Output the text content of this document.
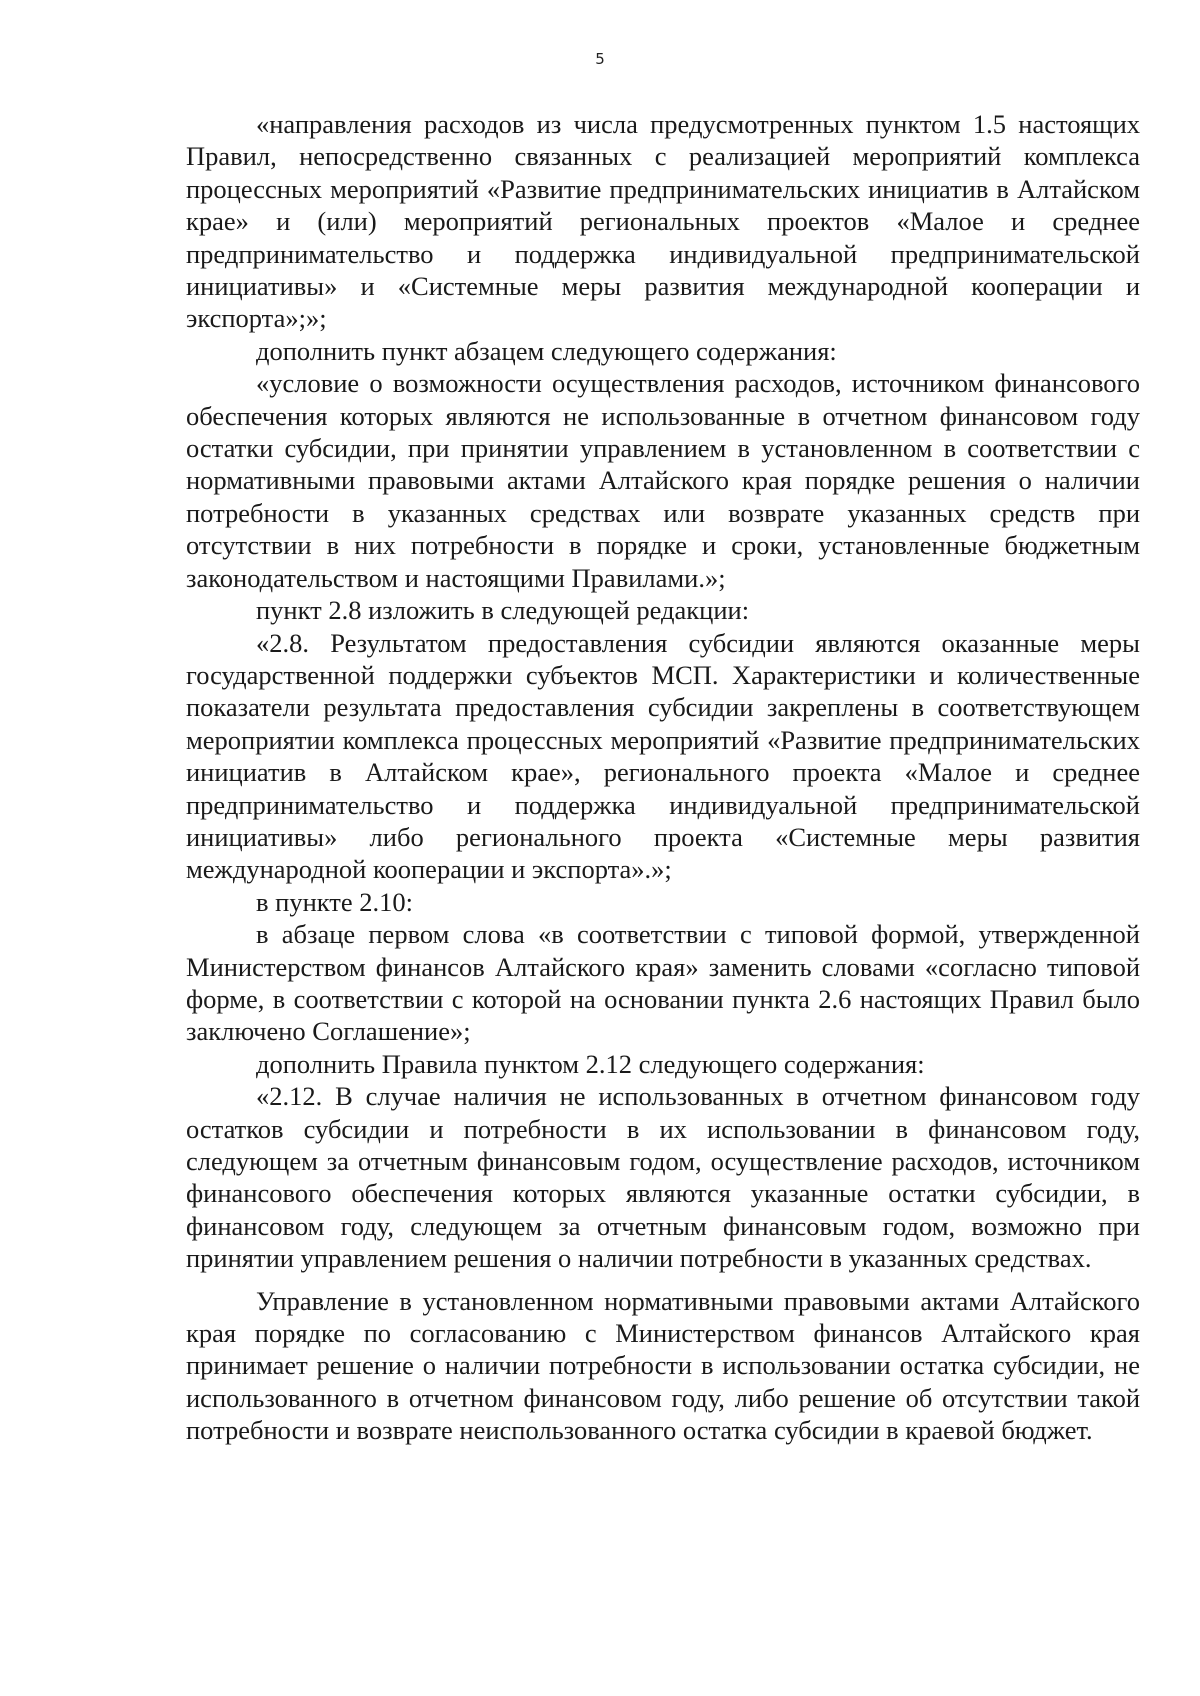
5

«направления расходов из числа предусмотренных пунктом 1.5 настоящих Правил, непосредственно связанных с реализацией мероприятий комплекса процессных мероприятий «Развитие предпринимательских инициатив в Алтайском крае» и (или) мероприятий региональных проектов «Малое и среднее предпринимательство и поддержка индивидуальной предпринимательской инициативы» и «Системные меры развития международной кооперации и экспорта»;»;

дополнить пункт абзацем следующего содержания:

«условие о возможности осуществления расходов, источником финансового обеспечения которых являются не использованные в отчетном финансовом году остатки субсидии, при принятии управлением в установленном в соответствии с нормативными правовыми актами Алтайского края порядке решения о наличии потребности в указанных средствах или возврате указанных средств при отсутствии в них потребности в порядке и сроки, установленные бюджетным законодательством и настоящими Правилами.»;

пункт 2.8 изложить в следующей редакции:

«2.8. Результатом предоставления субсидии являются оказанные меры государственной поддержки субъектов МСП. Характеристики и количественные показатели результата предоставления субсидии закреплены в соответствующем мероприятии комплекса процессных мероприятий «Развитие предпринимательских инициатив в Алтайском крае», регионального проекта «Малое и среднее предпринимательство и поддержка индивидуальной предпринимательской инициативы» либо регионального проекта «Системные меры развития международной кооперации и экспорта».»;

в пункте 2.10:

в абзаце первом слова «в соответствии с типовой формой, утвержденной Министерством финансов Алтайского края» заменить словами «согласно типовой форме, в соответствии с которой на основании пункта 2.6 настоящих Правил было заключено Соглашение»;

дополнить Правила пунктом 2.12 следующего содержания:

«2.12. В случае наличия не использованных в отчетном финансовом году остатков субсидии и потребности в их использовании в финансовом году, следующем за отчетным финансовым годом, осуществление расходов, источником финансового обеспечения которых являются указанные остатки субсидии, в финансовом году, следующем за отчетным финансовым годом, возможно при принятии управлением решения о наличии потребности в указанных средствах.

Управление в установленном нормативными правовыми актами Алтайского края порядке по согласованию с Министерством финансов Алтайского края принимает решение о наличии потребности в использовании остатка субсидии, не использованного в отчетном финансовом году, либо решение об отсутствии такой потребности и возврате неиспользованного остатка субсидии в краевой бюджет.
